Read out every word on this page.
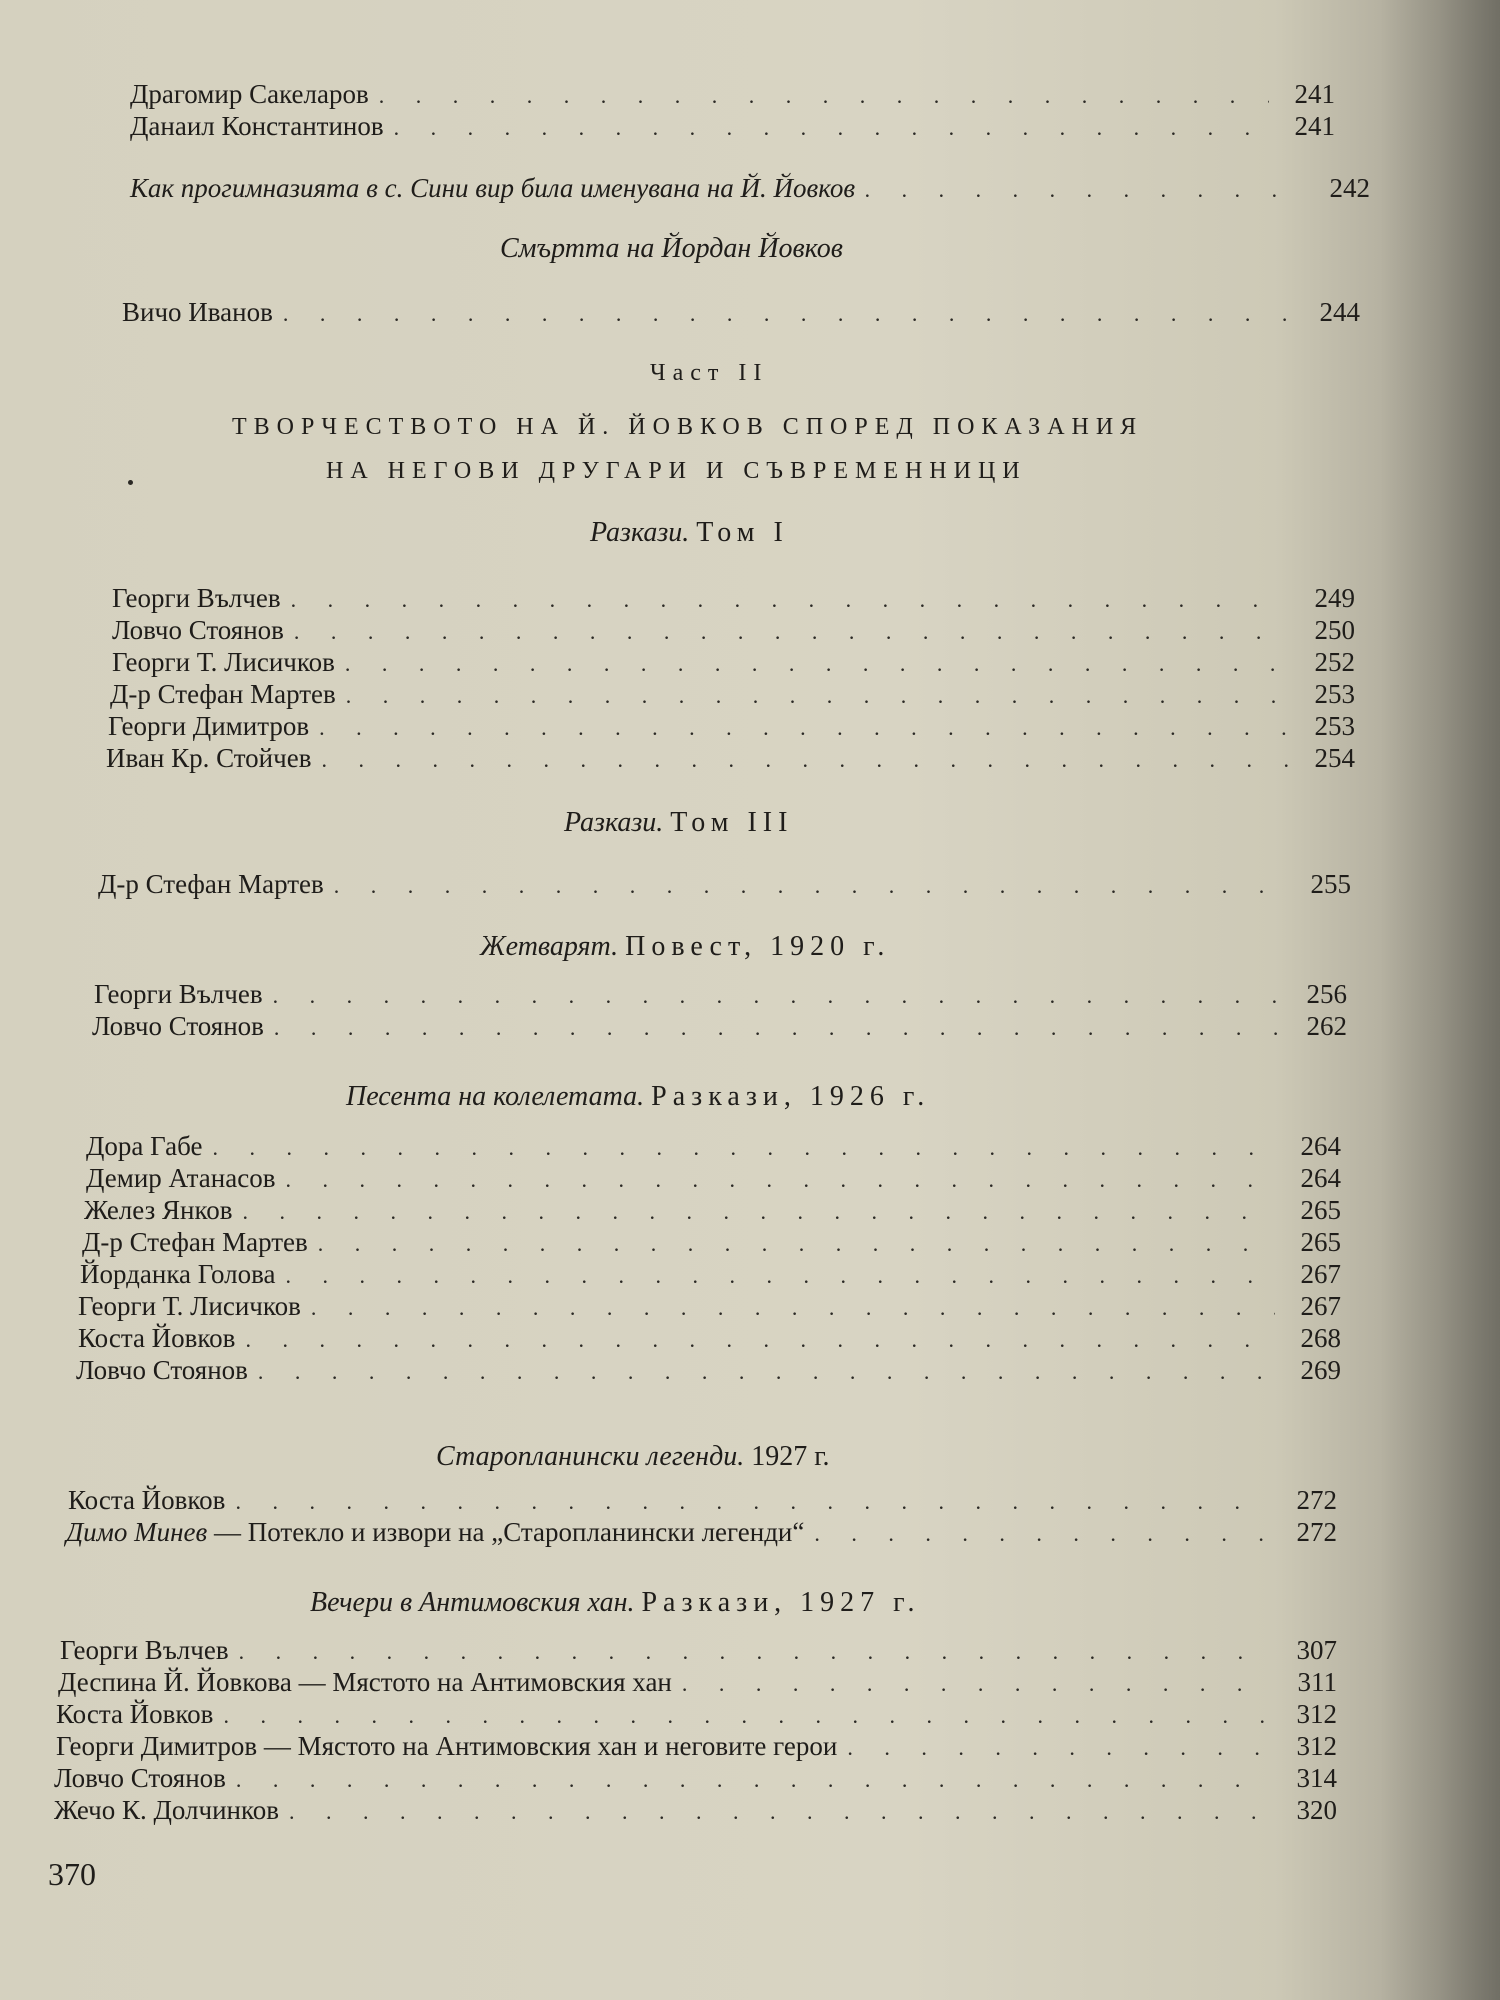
Драгомир Сакеларов . . .	241
Данаил Константинов . . .	241
Как прогимназията в с. Сини вир била именувана на Й. Йовков . . .	242
Смъртта на Йордан Йовков
Вичо Иванов . . .	244
Част II
ТВОРЧЕСТВОТО НА Й. ЙОВКОВ СПОРЕД ПОКАЗАНИЯ
НА НЕГОВИ ДРУГАРИ И СЪВРЕМЕННИЦИ
Разкази. Том I
Георги Вълчев . . .	249
Ловчо Стоянов . . .	250
Георги Т. Лисичков . . .	252
Д-р Стефан Мартев . . .	253
Георги Димитров . . .	253
Иван Кр. Стойчев . . .	254
Разкази. Том III
Д-р Стефан Мартев . . .	255
Жетварят. Повест, 1920 г.
Георги Вълчев . . .	256
Ловчо Стоянов . . .	262
Песента на колелетата. Разкази, 1926 г.
Дора Габе . . .	264
Демир Атанасов . . .	264
Желез Янков . . .	265
Д-р Стефан Мартев . . .	265
Йорданка Голова . . .	267
Георги Т. Лисичков . . .	267
Коста Йовков . . .	268
Ловчо Стоянов . . .	269
Старопланински легенди. 1927 г.
Коста Йовков . . .	272
Димо Минев — Потекло и извори на „Старопланински легенди“ . . .	272
Вечери в Антимовския хан. Разкази, 1927 г.
Георги Вълчев . . .	307
Деспина Й. Йовкова — Мястото на Антимовския хан . . .	311
Коста Йовков . . .	312
Георги Димитров — Мястото на Антимовския хан и неговите герои . . .	312
Ловчо Стоянов . . .	314
Жечо К. Долчинков . . .	320
370
